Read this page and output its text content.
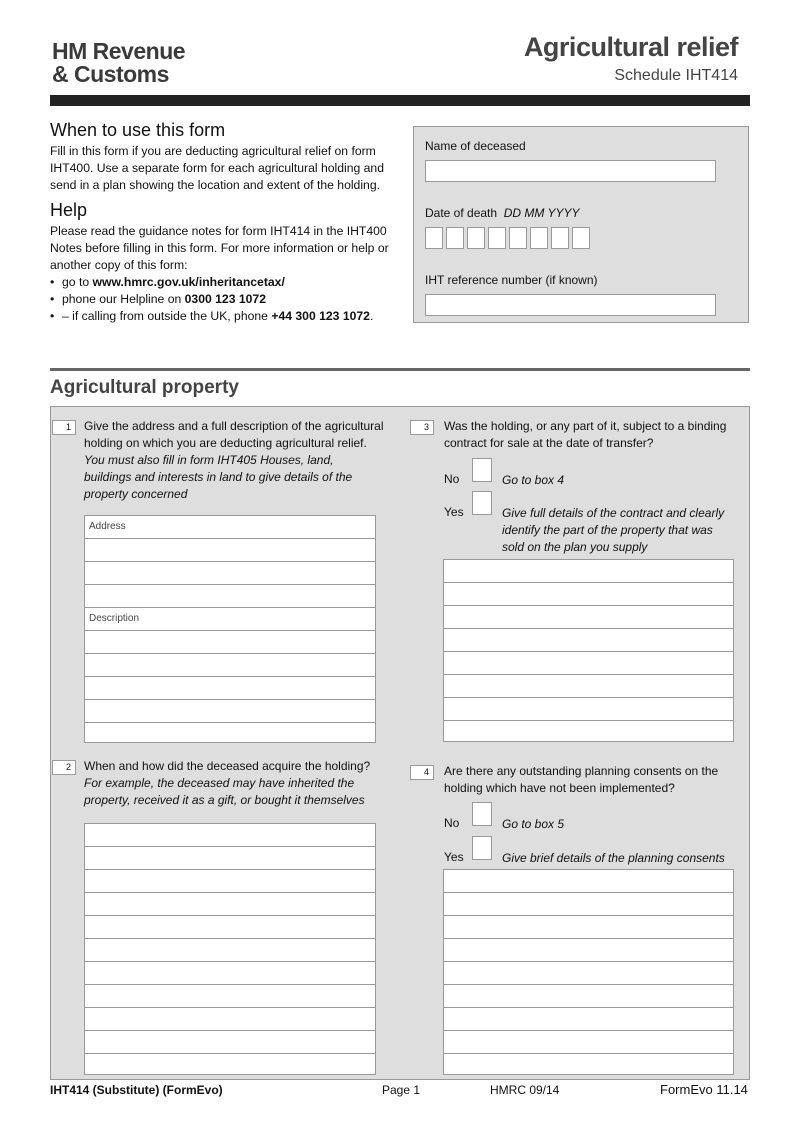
HM Revenue
& Customs
Agricultural relief
Schedule IHT414
When to use this form

Fill in this form if you are deducting agricultural relief on form IHT400. Use a separate form for each agricultural holding and send in a plan showing the location and extent of the holding.

Help

Please read the guidance notes for form IHT414 in the IHT400 Notes before filling in this form. For more information or help or another copy of this form:

• go to www.hmrc.gov.uk/inheritancetax/
• phone our Helpline on 0300 123 1072
• – if calling from outside the UK, phone +44 300 123 1072.
Name of deceased
Date of death DD MM YYYY
IHT reference number (if known)
Agricultural property
1	Give the address and a full description of the agricultural holding on which you are deducting agricultural relief.
You must also fill in form IHT405 Houses, land, buildings and interests in land to give details of the property concerned
Address
Description
2	When and how did the deceased acquire the holding?
For example, the deceased may have inherited the property, received it as a gift, or bought it themselves
3	Was the holding, or any part of it, subject to a binding contract for sale at the date of transfer?
No	Go to box 4
Yes	Give full details of the contract and clearly identify the part of the property that was sold on the plan you supply
4	Are there any outstanding planning consents on the holding which have not been implemented?
No	Go to box 5
Yes	Give brief details of the planning consents
IHT414 (Substitute) (FormEvo)	Page 1	HMRC 09/14	FormEvo 11.14
